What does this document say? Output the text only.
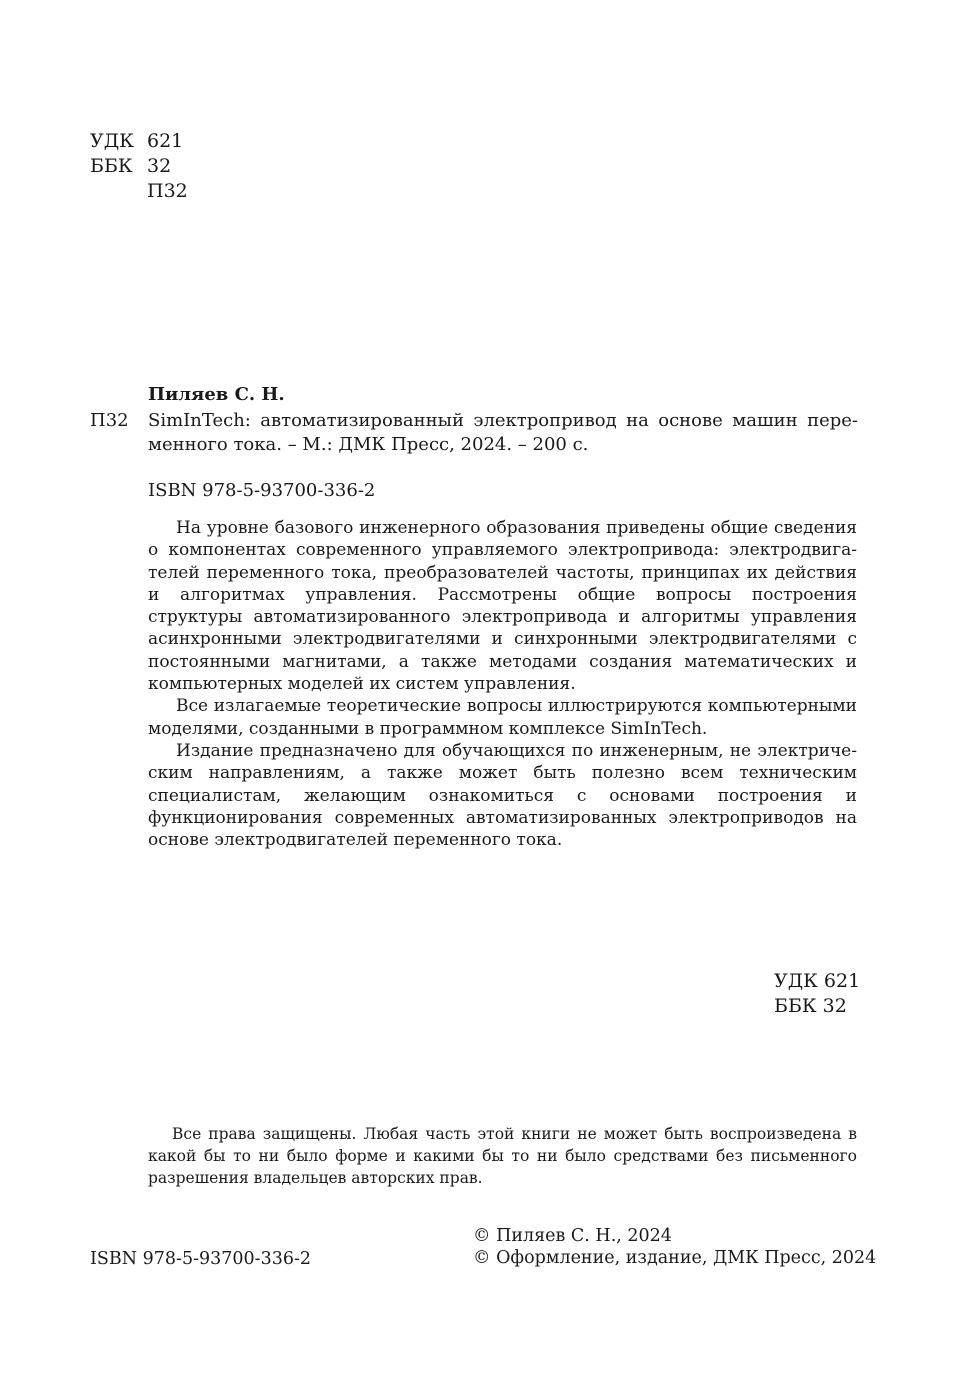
УДК 621
ББК 32
П32
Пиляев С. Н.
П32 SimInTech: автоматизированный электропривод на основе машин переменного тока. – М.: ДМК Пресс, 2024. – 200 с.
ISBN 978-5-93700-336-2

На уровне базового инженерного образования приведены общие сведения о компонентах современного управляемого электропривода: электродвигателей переменного тока, преобразователей частоты, принципах их действия и алгоритмах управления. Рассмотрены общие вопросы построения структуры автоматизированного электропривода и алгоритмы управления асинхронными электродвигателями и синхронными электродвигателями с постоянными магнитами, а также методами создания математических и компьютерных моделей их систем управления.

Все излагаемые теоретические вопросы иллюстрируются компьютерными моделями, созданными в программном комплексе SimInTech.

Издание предназначено для обучающихся по инженерным, не электрическим направлениям, а также может быть полезно всем техническим специалистам, желающим ознакомиться с основами построения и функционирования современных автоматизированных электроприводов на основе электродвигателей переменного тока.

УДК 621
ББК 32

Все права защищены. Любая часть этой книги не может быть воспроизведена в какой бы то ни было форме и какими бы то ни было средствами без письменного разрешения владельцев авторских прав.

ISBN 978-5-93700-336-2
© Пиляев С. Н., 2024
© Оформление, издание, ДМК Пресс, 2024
